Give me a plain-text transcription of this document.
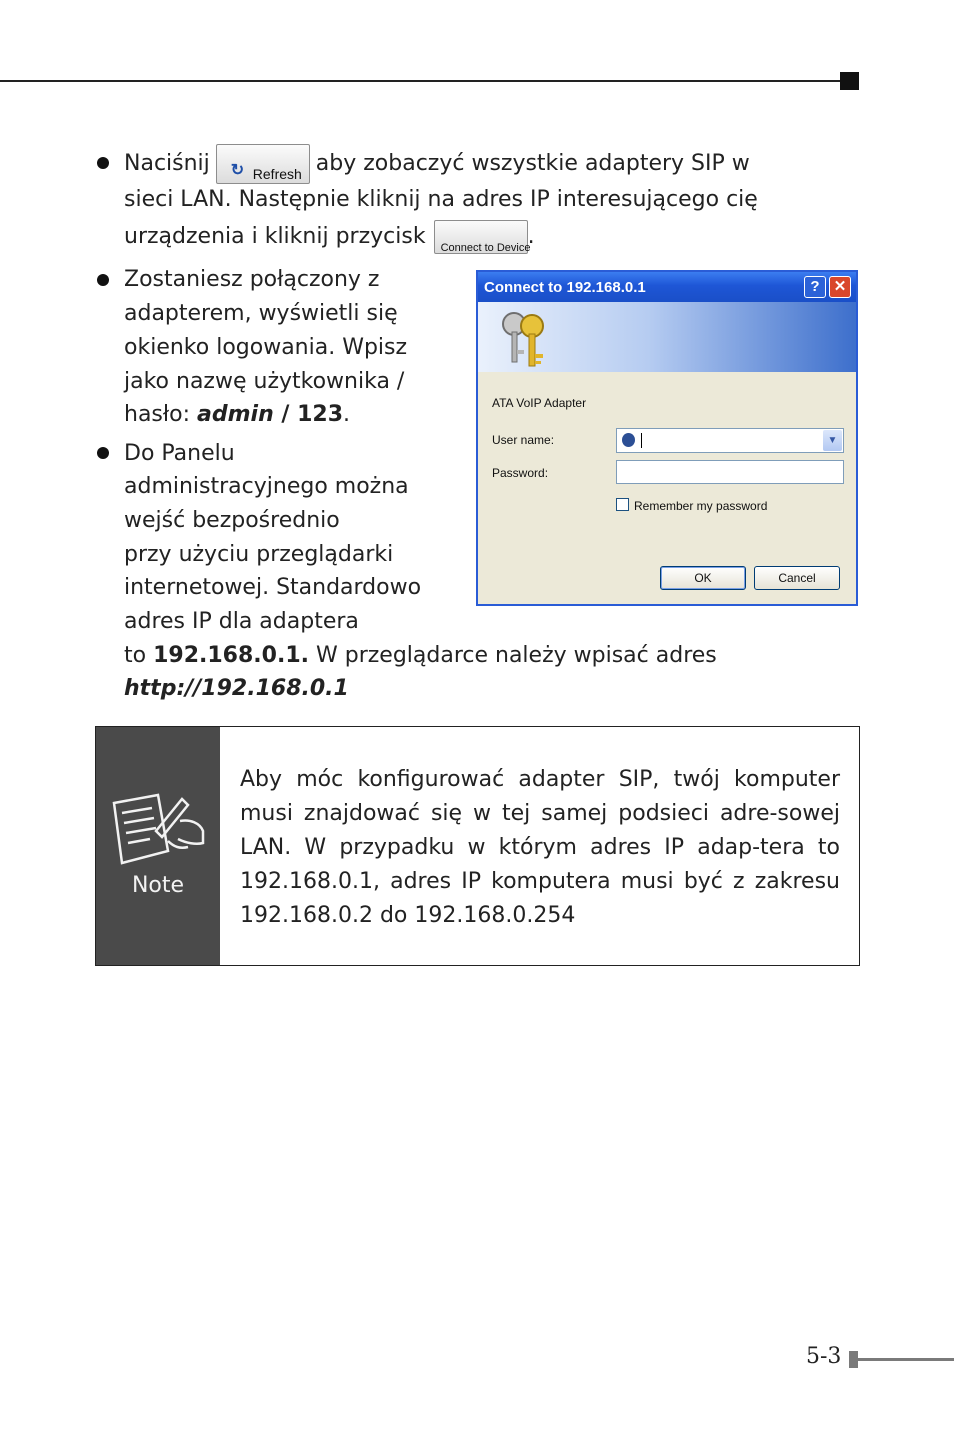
Naciśnij ↻ Refresh aby zobaczyć wszystkie adaptery SIP w
sieci LAN. Następnie kliknij na adres IP interesującego cię
urządzenia i kliknij przycisk Connect to Device
.
Zostaniesz połączony z
adapterem, wyświetli się
okienko logowania. Wpisz
jako nazwę użytkownika /
hasło: admin / 123.
Do Panelu
administracyjnego można
wejść bezpośrednio
przy użyciu przeglądarki
internetowej. Standardowo
adres IP dla adaptera
to 192.168.0.1. W przeglądarce należy wpisać adres
http://192.168.0.1
Connect to 192.168.0.1	? ✕
ATA VoIP Adapter
User name:
Password:
▼
Remember my password
OK	Cancel
Note
Aby móc konfigurować adapter SIP, twój komputer musi znajdować się w tej samej podsieci adre-sowej LAN. W przypadku w którym adres IP adap-tera to 192.168.0.1, adres IP komputera musi być z zakresu 192.168.0.2 do 192.168.0.254
5-3
